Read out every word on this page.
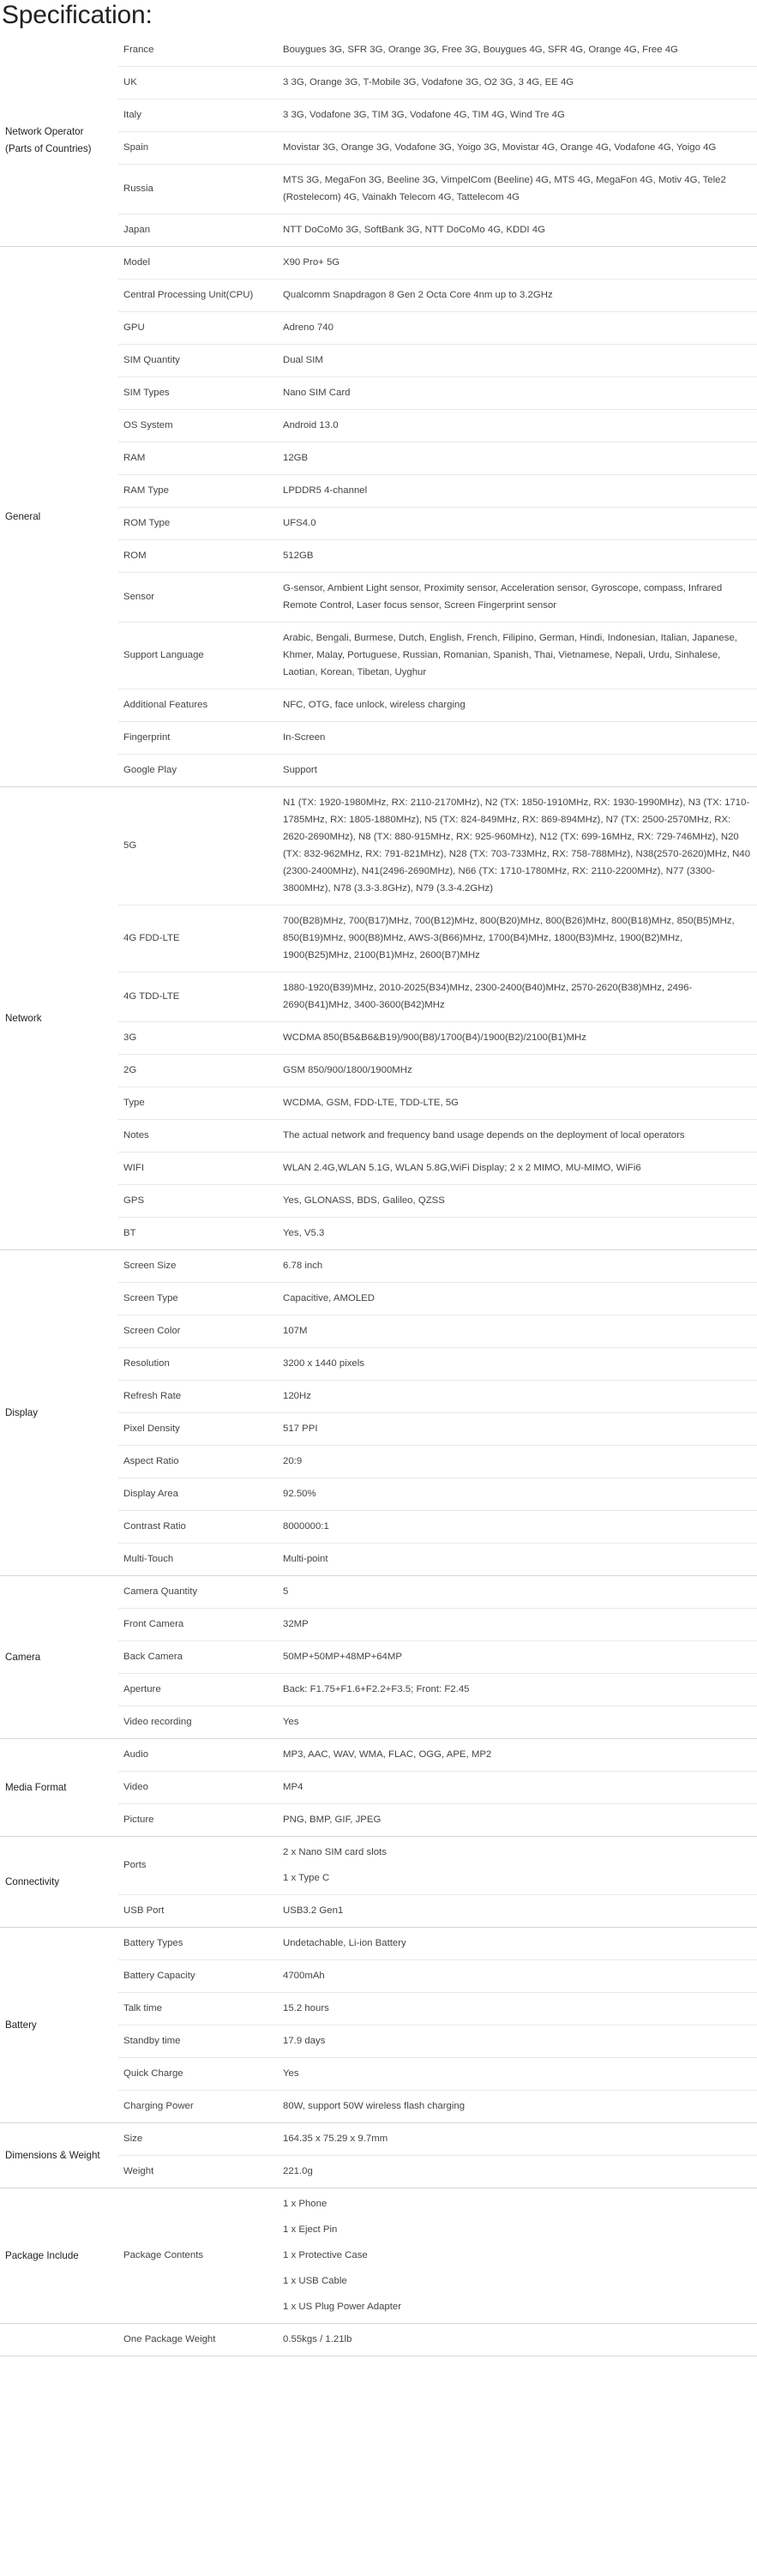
Specification:
Network Operator
(Parts of Countries)	France	Bouygues 3G, SFR 3G, Orange 3G, Free 3G, Bouygues 4G, SFR 4G, Orange 4G, Free 4G

	UK	3 3G, Orange 3G, T-Mobile 3G, Vodafone 3G, O2 3G, 3 4G, EE 4G

	Italy	3 3G, Vodafone 3G, TIM 3G, Vodafone 4G, TIM 4G, Wind Tre 4G

	Spain	Movistar 3G, Orange 3G, Vodafone 3G, Yoigo 3G, Movistar 4G, Orange 4G, Vodafone 4G, Yoigo 4G

	Russia	MTS 3G, MegaFon 3G, Beeline 3G, VimpelCom (Beeline) 4G, MTS 4G, MegaFon 4G, Motiv 4G, Tele2 (Rostelecom) 4G, Vainakh Telecom 4G, Tattelecom 4G

	Japan	NTT DoCoMo 3G, SoftBank 3G, NTT DoCoMo 4G, KDDI 4G

General	Model	X90 Pro+ 5G

	Central Processing Unit(CPU)	Qualcomm Snapdragon 8 Gen 2 Octa Core 4nm up to 3.2GHz

	GPU	Adreno 740

	SIM Quantity	Dual SIM

	SIM Types	Nano SIM Card

	OS System	Android 13.0

	RAM	12GB

	RAM Type	LPDDR5 4-channel

	ROM Type	UFS4.0

	ROM	512GB

	Sensor	G-sensor, Ambient Light sensor, Proximity sensor, Acceleration sensor, Gyroscope, compass, Infrared Remote Control, Laser focus sensor, Screen Fingerprint sensor

	Support Language	Arabic, Bengali, Burmese, Dutch, English, French, Filipino, German, Hindi, Indonesian, Italian, Japanese, Khmer, Malay, Portuguese, Russian, Romanian, Spanish, Thai, Vietnamese, Nepali, Urdu, Sinhalese, Laotian, Korean, Tibetan, Uyghur

	Additional Features	NFC, OTG, face unlock, wireless charging

	Fingerprint	In-Screen

	Google Play	Support

Network	5G	N1 (TX: 1920-1980MHz, RX: 2110-2170MHz), N2 (TX: 1850-1910MHz, RX: 1930-1990MHz), N3 (TX: 1710-1785MHz, RX: 1805-1880MHz), N5 (TX: 824-849MHz, RX: 869-894MHz), N7 (TX: 2500-2570MHz, RX: 2620-2690MHz), N8 (TX: 880-915MHz, RX: 925-960MHz), N12 (TX: 699-16MHz, RX: 729-746MHz), N20 (TX: 832-962MHz, RX: 791-821MHz), N28 (TX: 703-733MHz, RX: 758-788MHz), N38(2570-2620)MHz, N40 (2300-2400MHz), N41(2496-2690MHz), N66 (TX: 1710-1780MHz, RX: 2110-2200MHz), N77 (3300-3800MHz), N78 (3.3-3.8GHz), N79 (3.3-4.2GHz)

	4G FDD-LTE	700(B28)MHz, 700(B17)MHz, 700(B12)MHz, 800(B20)MHz, 800(B26)MHz, 800(B18)MHz, 850(B5)MHz, 850(B19)MHz, 900(B8)MHz, AWS-3(B66)MHz, 1700(B4)MHz, 1800(B3)MHz, 1900(B2)MHz, 1900(B25)MHz, 2100(B1)MHz, 2600(B7)MHz

	4G TDD-LTE	1880-1920(B39)MHz, 2010-2025(B34)MHz, 2300-2400(B40)MHz, 2570-2620(B38)MHz, 2496-2690(B41)MHz, 3400-3600(B42)MHz

	3G	WCDMA 850(B5&B6&B19)/900(B8)/1700(B4)/1900(B2)/2100(B1)MHz

	2G	GSM 850/900/1800/1900MHz

	Type	WCDMA, GSM, FDD-LTE, TDD-LTE, 5G

	Notes	The actual network and frequency band usage depends on the deployment of local operators

	WIFI	WLAN 2.4G,WLAN 5.1G, WLAN 5.8G,WiFi Display; 2 x 2 MIMO, MU-MIMO, WiFi6

	GPS	Yes, GLONASS, BDS, Galileo, QZSS

	BT	Yes, V5.3

Display	Screen Size	6.78 inch

	Screen Type	Capacitive, AMOLED

	Screen Color	107M

	Resolution	3200 x 1440 pixels

	Refresh Rate	120Hz

	Pixel Density	517 PPI

	Aspect Ratio	20:9

	Display Area	92.50%

	Contrast Ratio	8000000:1

	Multi-Touch	Multi-point

Camera	Camera Quantity	5

	Front Camera	32MP

	Back Camera	50MP+50MP+48MP+64MP

	Aperture	Back: F1.75+F1.6+F2.2+F3.5; Front: F2.45

	Video recording	Yes

Media Format	Audio	MP3, AAC, WAV, WMA, FLAC, OGG, APE, MP2

	Video	MP4

	Picture	PNG, BMP, GIF, JPEG

Connectivity	Ports	2 x Nano SIM card slots
1 x Type C

	USB Port	USB3.2 Gen1

Battery	Battery Types	Undetachable, Li-ion Battery

	Battery Capacity	4700mAh

	Talk time	15.2 hours

	Standby time	17.9 days

	Quick Charge	Yes

	Charging Power	80W, support 50W wireless flash charging

Dimensions & Weight	Size	164.35 x 75.29 x 9.7mm

	Weight	221.0g

Package Include	Package Contents	1 x Phone
1 x Eject Pin
1 x Protective Case
1 x USB Cable
1 x US Plug Power Adapter

	One Package Weight	0.55kgs / 1.21lb
